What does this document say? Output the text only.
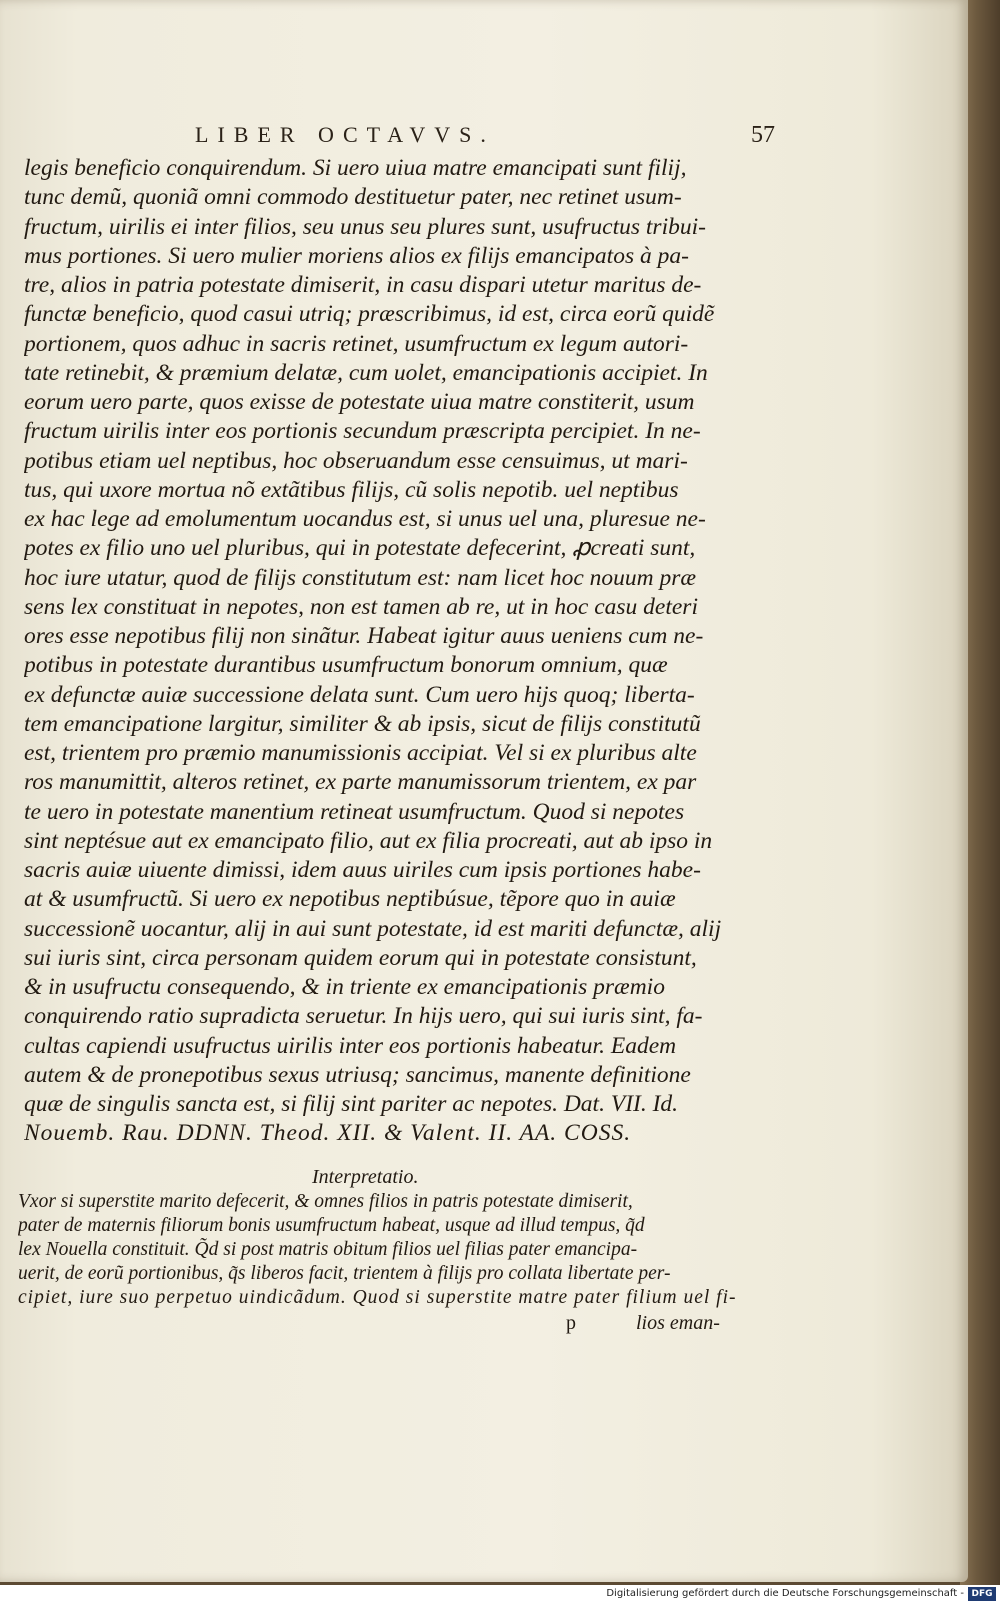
LIBER OCTAVVS.	57
legis beneficio conquirendum. Si uero uiua matre emancipati sunt filij,
tunc demũ, quoniã omni commodo destituetur pater, nec retinet usum-
fructum, uirilis ei inter filios, seu unus seu plures sunt, usufructus tribui-
mus portiones. Si uero mulier moriens alios ex filijs emancipatos à pa-
tre, alios in patria potestate dimiserit, in casu dispari utetur maritus de-
functæ beneficio, quod casui utriq; præscribimus, id est, circa eorũ quidẽ
portionem, quos adhuc in sacris retinet, usumfructum ex legum autori-
tate retinebit, & præmium delatæ, cum uolet, emancipationis accipiet. In
eorum uero parte, quos exisse de potestate uiua matre constiterit, usum
fructum uirilis inter eos portionis secundum præscripta percipiet. In ne-
potibus etiam uel neptibus, hoc obseruandum esse censuimus, ut mari-
tus, qui uxore mortua nõ extãtibus filijs, cũ solis nepotib. uel neptibus
ex hac lege ad emolumentum uocandus est, si unus uel una, pluresue ne-
potes ex filio uno uel pluribus, qui in potestate defecerint, ꝓcreati sunt,
hoc iure utatur, quod de filijs constitutum est: nam licet hoc nouum præ
sens lex constituat in nepotes, non est tamen ab re, ut in hoc casu deteri
ores esse nepotibus filij non sinãtur. Habeat igitur auus ueniens cum ne-
potibus in potestate durantibus usumfructum bonorum omnium, quæ
ex defunctæ auiæ successione delata sunt. Cum uero hijs quoq; liberta-
tem emancipatione largitur, similiter & ab ipsis, sicut de filijs constitutũ
est, trientem pro præmio manumissionis accipiat. Vel si ex pluribus alte
ros manumittit, alteros retinet, ex parte manumissorum trientem, ex par
te uero in potestate manentium retineat usumfructum. Quod si nepotes
sint neptésue aut ex emancipato filio, aut ex filia procreati, aut ab ipso in
sacris auiæ uiuente dimissi, idem auus uiriles cum ipsis portiones habe-
at & usumfructũ. Si uero ex nepotibus neptibúsue, tẽpore quo in auiæ
successionẽ uocantur, alij in aui sunt potestate, id est mariti defunctæ, alij
sui iuris sint, circa personam quidem eorum qui in potestate consistunt,
& in usufructu consequendo, & in triente ex emancipationis præmio
conquirendo ratio supradicta seruetur. In hijs uero, qui sui iuris sint, fa-
cultas capiendi usufructus uirilis inter eos portionis habeatur. Eadem
autem & de pronepotibus sexus utriusq; sancimus, manente definitione
quæ de singulis sancta est, si filij sint pariter ac nepotes. Dat. VII. Id.
Nouemb. Rau. DDNN. Theod. XII. & Valent. II. AA. COSS.
Interpretatio.
Vxor si superstite marito defecerit, & omnes filios in patris potestate dimiserit,
pater de maternis filiorum bonis usumfructum habeat, usque ad illud tempus, q̃d
lex Nouella constituit. Q̃d si post matris obitum filios uel filias pater emancipa-
uerit, de eorũ portionibus, q̃s liberos facit, trientem à filijs pro collata libertate per-
cipiet, iure suo perpetuo uindicãdum. Quod si superstite matre pater filium uel fi-
p	lios eman-
Digitalisierung gefördert durch die Deutsche Forschungsgemeinschaft - DFG
